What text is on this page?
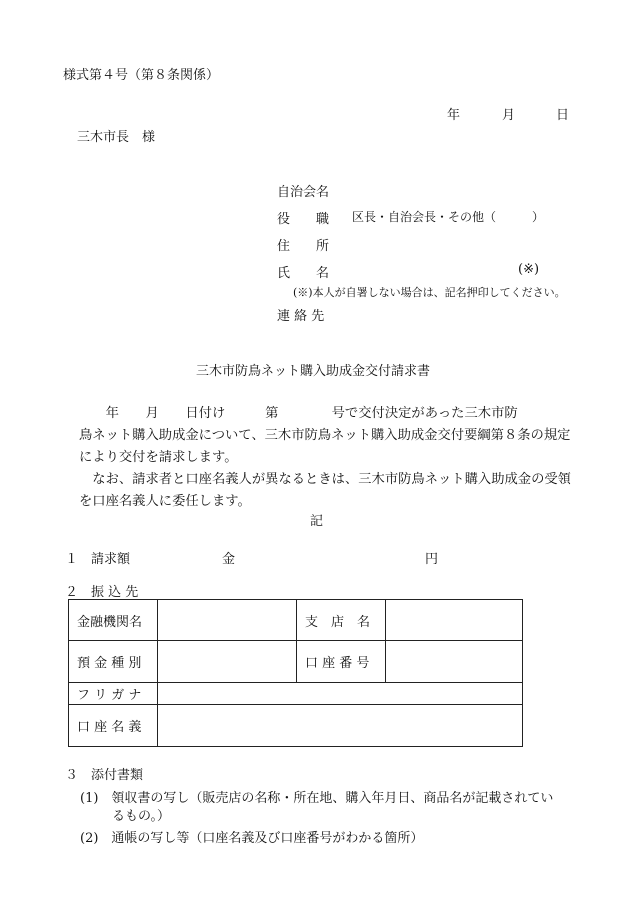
様式第４号（第８条関係）
年	月	日
三木市長　様
自治会名
役　　職 区長・自治会長・その他（　　　）
住　　所
氏　　名	(※)
(※)本人が自署しない場合は、記名押印してください。
連 絡 先
三木市防鳥ネット購入助成金交付請求書
　　年　　月　　日付け　　　第　　　　号で交付決定があった三木市防
鳥ネット購入助成金について、三木市防鳥ネット購入助成金交付要綱第８条の規定
により交付を請求します。
　なお、請求者と口座名義人が異なるときは、三木市防鳥ネット購入助成金の受領
を口座名義人に委任します。
記
１　請求額	金	円
２　振 込 先
金融機関名		支　店　名	
預 金 種 別		口 座 番 号	
フ リ ガ ナ			
口 座 名 義			
３　添付書類
(1)　領収書の写し（販売店の名称・所在地、購入年月日、商品名が記載されてい
るもの。）
(2)　通帳の写し等（口座名義及び口座番号がわかる箇所）
